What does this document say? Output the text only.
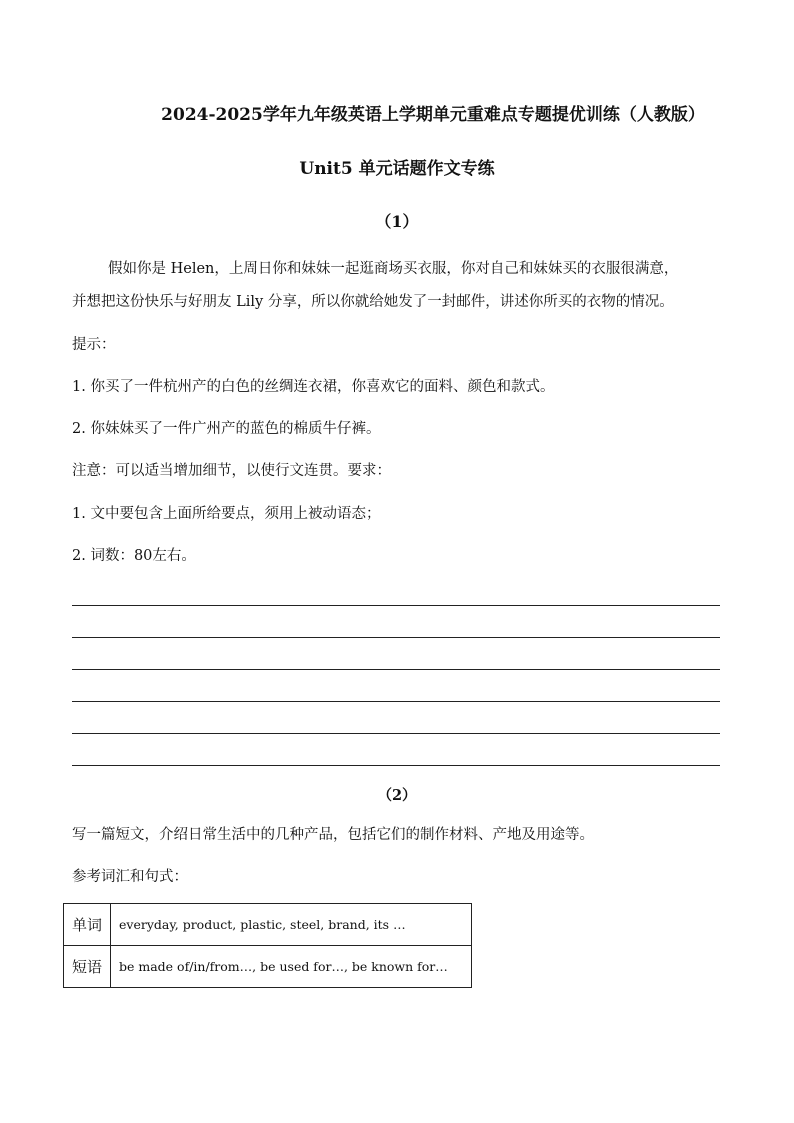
2024-2025学年九年级英语上学期单元重难点专题提优训练（人教版）
Unit5 单元话题作文专练
（1）
假如你是 Helen，上周日你和妹妹一起逛商场买衣服，你对自己和妹妹买的衣服很满意，
并想把这份快乐与好朋友 Lily 分享，所以你就给她发了一封邮件，讲述你所买的衣物的情况。
提示：
1. 你买了一件杭州产的白色的丝绸连衣裙，你喜欢它的面料、颜色和款式。
2. 你妹妹买了一件广州产的蓝色的棉质牛仔裤。
注意：可以适当增加细节，以使行文连贯。要求：
1. 文中要包含上面所给要点，须用上被动语态；
2. 词数：80左右。
（2）
写一篇短文，介绍日常生活中的几种产品，包括它们的制作材料、产地及用途等。
参考词汇和句式：
单词	everyday, product, plastic, steel, brand, its …
短语	be made of/in/from…, be used for…, be known for…
